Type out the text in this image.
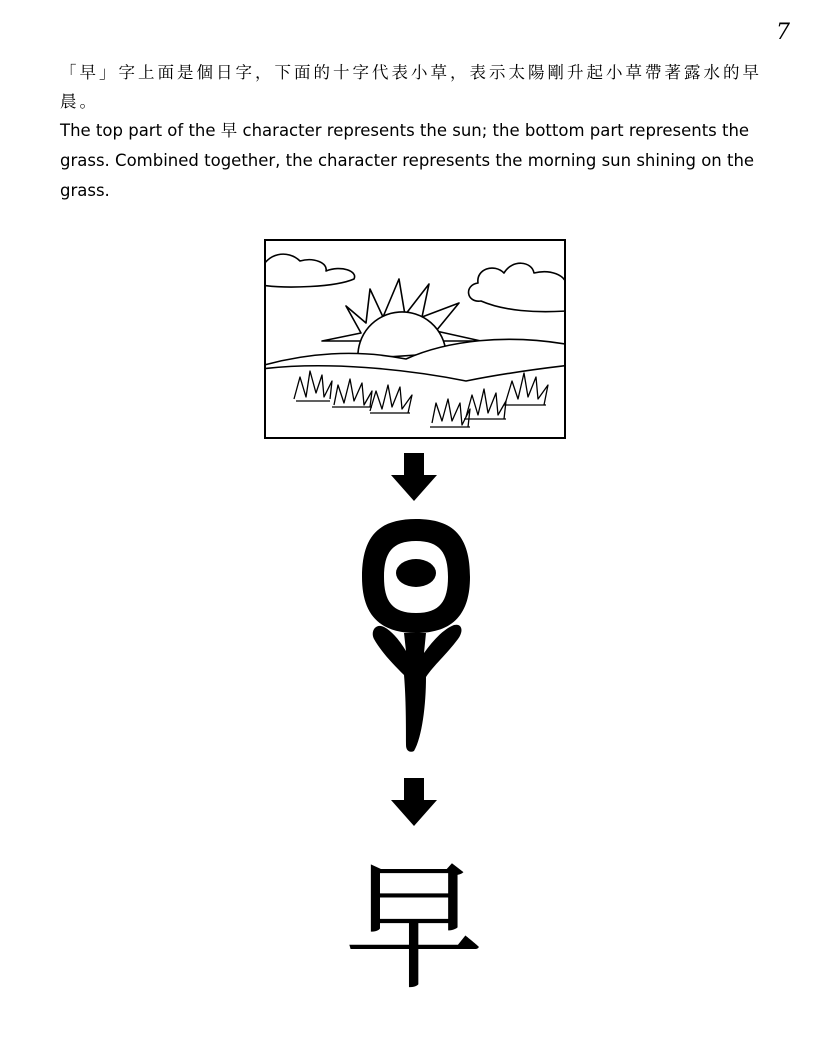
7

「早」字上面是個日字，下面的十字代表小草，表示太陽剛升起小草帶著露水的早晨。

The top part of the 早 character represents the sun; the bottom part represents the grass. Combined together, the character represents the morning sun shining on the grass.

早
